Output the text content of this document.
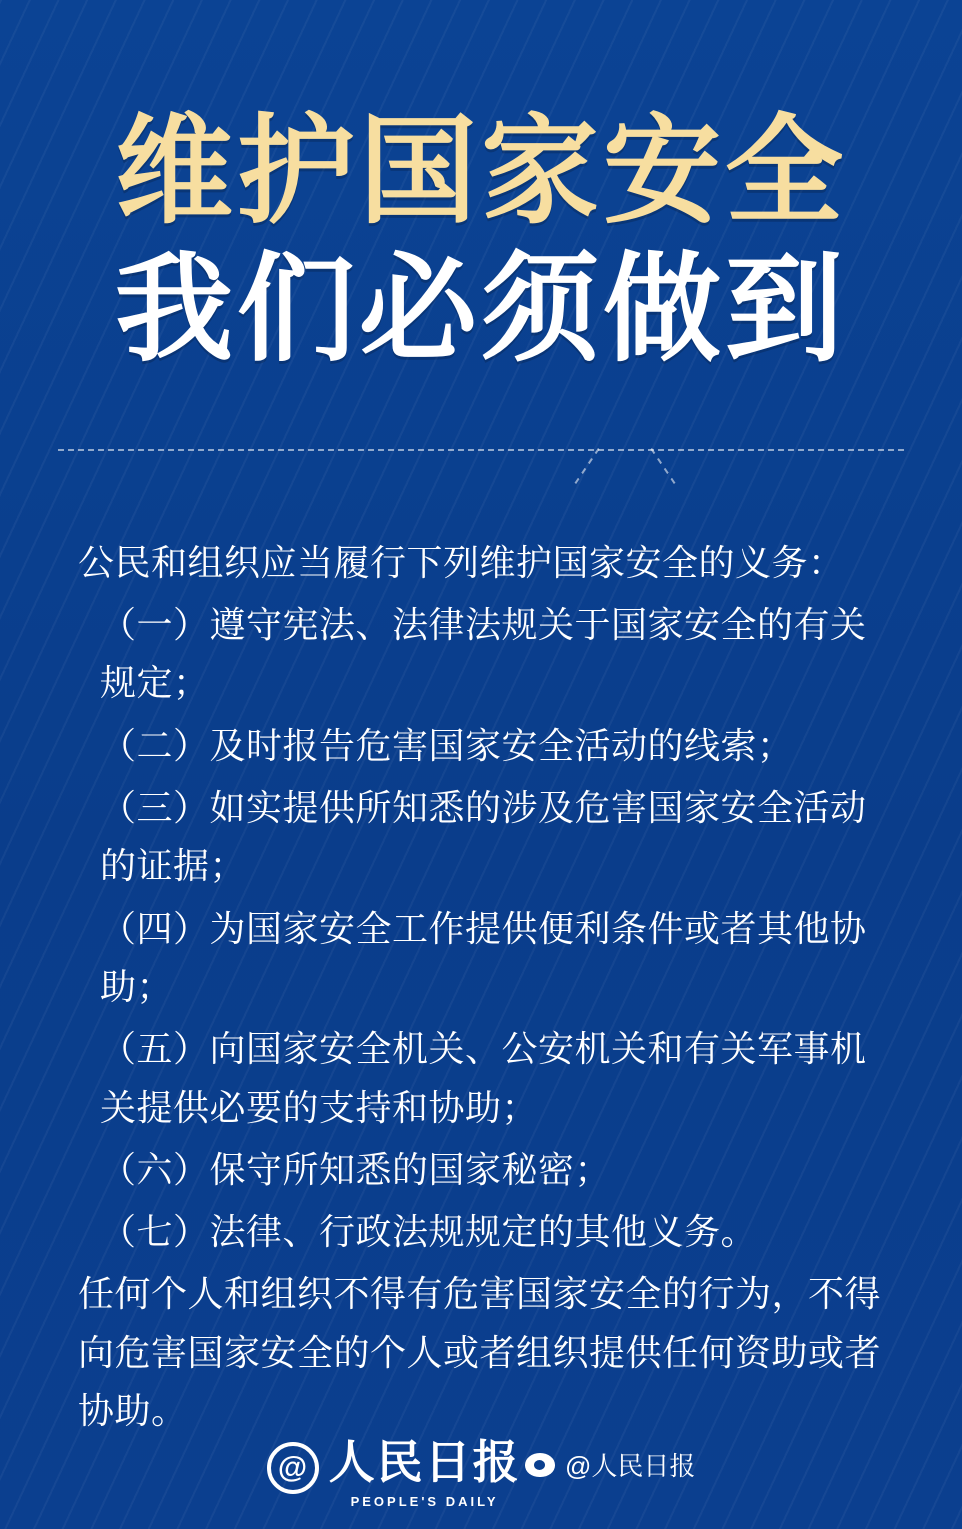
维护国家安全
我们必须做到

公民和组织应当履行下列维护国家安全的义务：

（一）遵守宪法、法律法规关于国家安全的有关规定；

（二）及时报告危害国家安全活动的线索；

（三）如实提供所知悉的涉及危害国家安全活动的证据；

（四）为国家安全工作提供便利条件或者其他协助；

（五）向国家安全机关、公安机关和有关军事机关提供必要的支持和协助；

（六）保守所知悉的国家秘密；

（七）法律、行政法规规定的其他义务。

任何个人和组织不得有危害国家安全的行为，不得向危害国家安全的个人或者组织提供任何资助或者协助。

@ 人民日报
PEOPLE'S DAILY

@人民日报
